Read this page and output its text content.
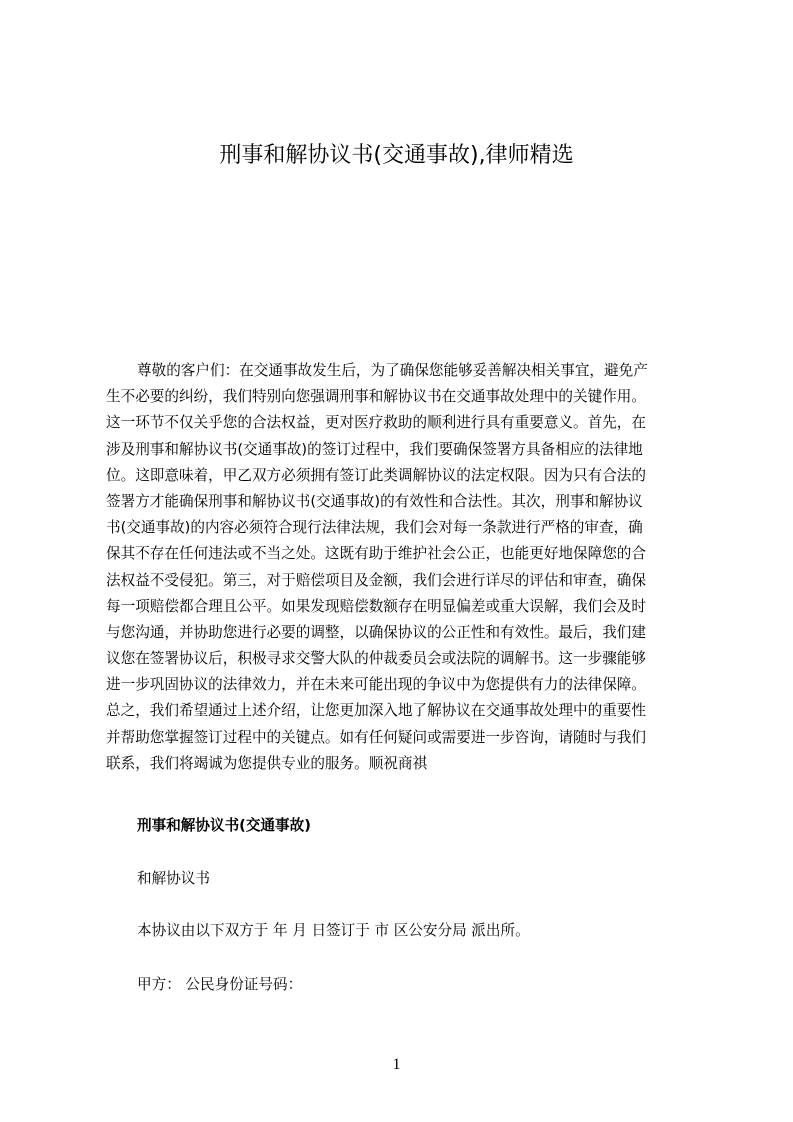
刑事和解协议书(交通事故),律师精选
尊敬的客户们：在交通事故发生后，为了确保您能够妥善解决相关事宜，避免产
生不必要的纠纷，我们特别向您强调刑事和解协议书在交通事故处理中的关键作用。
这一环节不仅关乎您的合法权益，更对医疗救助的顺利进行具有重要意义。首先，在
涉及刑事和解协议书(交通事故)的签订过程中，我们要确保签署方具备相应的法律地
位。这即意味着，甲乙双方必须拥有签订此类调解协议的法定权限。因为只有合法的
签署方才能确保刑事和解协议书(交通事故)的有效性和合法性。其次，刑事和解协议
书(交通事故)的内容必须符合现行法律法规，我们会对每一条款进行严格的审查，确
保其不存在任何违法或不当之处。这既有助于维护社会公正，也能更好地保障您的合
法权益不受侵犯。第三，对于赔偿项目及金额，我们会进行详尽的评估和审查，确保
每一项赔偿都合理且公平。如果发现赔偿数额存在明显偏差或重大误解，我们会及时
与您沟通，并协助您进行必要的调整，以确保协议的公正性和有效性。最后，我们建
议您在签署协议后，积极寻求交警大队的仲裁委员会或法院的调解书。这一步骤能够
进一步巩固协议的法律效力，并在未来可能出现的争议中为您提供有力的法律保障。
总之，我们希望通过上述介绍，让您更加深入地了解协议在交通事故处理中的重要性
并帮助您掌握签订过程中的关键点。如有任何疑问或需要进一步咨询，请随时与我们
联系，我们将竭诚为您提供专业的服务。顺祝商祺
刑事和解协议书(交通事故)

和解协议书

本协议由以下双方于 年 月 日签订于 市 区公安分局 派出所。

甲方： 公民身份证号码：

1
